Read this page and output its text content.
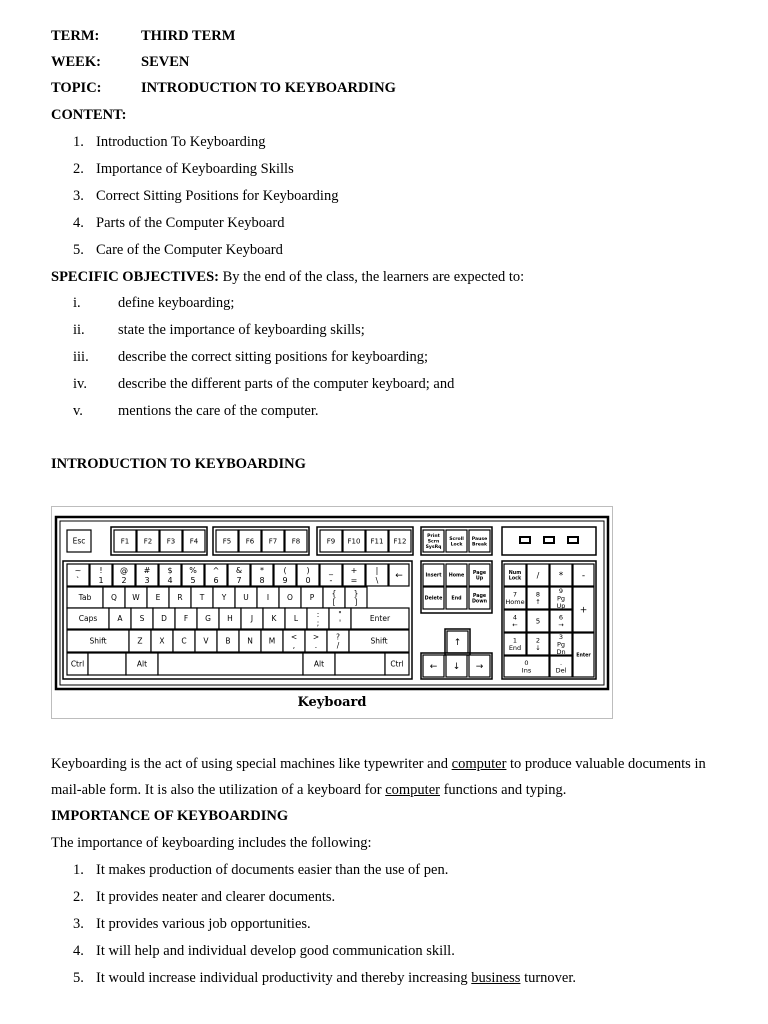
TERM:	THIRD TERM
WEEK:	SEVEN
TOPIC:	INTRODUCTION TO KEYBOARDING
CONTENT:
1. Introduction To Keyboarding
2. Importance of Keyboarding Skills
3. Correct Sitting Positions for Keyboarding
4. Parts of the Computer Keyboard
5. Care of the Computer Keyboard
SPECIFIC OBJECTIVES: By the end of the class, the learners are expected to:
i.	define keyboarding;
ii. state the importance of keyboarding skills;
iii. describe the correct sitting positions for keyboarding;
iv. describe the different parts of the computer keyboard; and
v. mentions the care of the computer.
INTRODUCTION TO KEYBOARDING
Esc	F1 F2 F3 F4	F5 F6 F7 F8	F9 F10 F11 F12
Print
Scrn
SysRq
Scroll
Lock
Pause
Break
~
`
!
1
@
2
#
3
$
4
%
5
^
6
&
7
*
8
(
9
)
0
_
-
+
=
|
\ ←
Tab	Q W E R T Y U I O P {
[
}
]
Caps	A S D F G H J K L :
;
"
'	Enter
Shift	Z X C V B N M <
,
>
.
?
/	Shift
Ctrl	Alt	Alt	Ctrl
Insert Home
Page
Up
Delete End
Page
Down
↑
← ↓ →
Num
Lock / * -
7
Home
8
↑
9
Pg
Up +
4
←	5	6
→
1
End
2
↓
3
Pg
Dn
Enter
0
Ins
.
Del
Keyboard
Keyboarding is the act of using special machines like typewriter and computer to produce valuable documents in
mail-able form. It is also the utilization of a keyboard for computer functions and typing.
IMPORTANCE OF KEYBOARDING
The importance of keyboarding includes the following:
1. It makes production of documents easier than the use of pen.
2. It provides neater and clearer documents.
3. It provides various job opportunities.
4. It will help and individual develop good communication skill.
5. It would increase individual productivity and thereby increasing business turnover.
